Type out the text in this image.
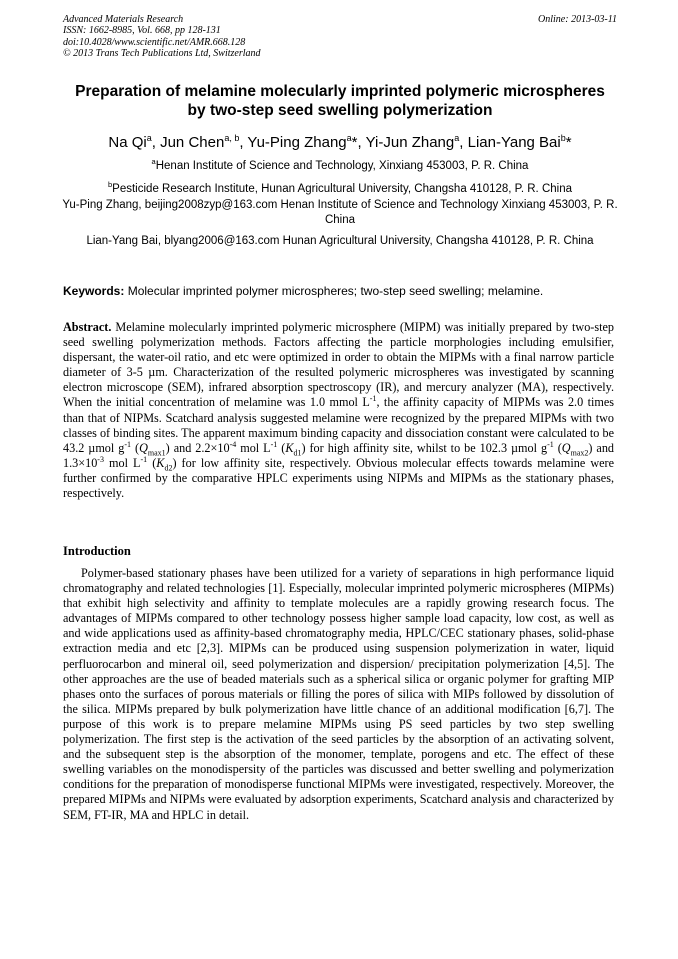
Advanced Materials Research
ISSN: 1662-8985, Vol. 668, pp 128-131
doi:10.4028/www.scientific.net/AMR.668.128
© 2013 Trans Tech Publications Ltd, Switzerland
Online: 2013-03-11
Preparation of melamine molecularly imprinted polymeric microspheres
by two-step seed swelling polymerization
Na Qi$^a$, Jun Chen$^{a, b}$, Yu-Ping Zhang$^a$*, Yi-Jun Zhang$^a$, Lian-Yang Bai$^b$*
$^a$Henan Institute of Science and Technology, Xinxiang 453003, P. R. China
$^b$Pesticide Research Institute, Hunan Agricultural University, Changsha 410128, P. R. China
Yu-Ping Zhang, beijing2008zyp@163.com Henan Institute of Science and Technology Xinxiang 453003, P. R. China
Lian-Yang Bai, blyang2006@163.com Hunan Agricultural University, Changsha 410128, P. R. China
Keywords: Molecular imprinted polymer microspheres; two-step seed swelling; melamine.
Abstract. Melamine molecularly imprinted polymeric microsphere (MIPM) was initially prepared by two-step seed swelling polymerization methods. Factors affecting the particle morphologies including emulsifier, dispersant, the water-oil ratio, and etc were optimized in order to obtain the MIPMs with a final narrow particle diameter of 3-5 µm. Characterization of the resulted polymeric microspheres was investigated by scanning electron microscope (SEM), infrared absorption spectroscopy (IR), and mercury analyzer (MA), respectively. When the initial concentration of melamine was 1.0 mmol $L^{-1}$, the affinity capacity of MIPMs was 2.0 times than that of NIPMs. Scatchard analysis suggested melamine were recognized by the prepared MIPMs with two classes of binding sites. The apparent maximum binding capacity and dissociation constant were calculated to be 43.2 µmol $g^{-1}$ $(Q_{max1})$ and $2.2\times 10^{-4}$ mol $L^{-1}$ $(K_{d1})$ for high affinity site, whilst to be 102.3 µmol $g^{-1}$ $(Q_{max2})$ and $1.3\times 10^{-3}$ mol $L^{-1}$ $(K_{d2})$ for low affinity site, respectively. Obvious molecular effects towards melamine were further confirmed by the comparative HPLC experiments using NIPMs and MIPMs as the stationary phases, respectively.
Introduction
Polymer-based stationary phases have been utilized for a variety of separations in high performance liquid chromatography and related technologies [1]. Especially, molecular imprinted polymeric microspheres (MIPMs) that exhibit high selectivity and affinity to template molecules are a rapidly growing research focus. The advantages of MIPMs compared to other technology possess higher sample load capacity, low cost, as well as and wide applications used as affinity-based chromatography media, HPLC/CEC stationary phases, solid-phase extraction media and etc [2,3]. MIPMs can be produced using suspension polymerization in water, liquid perfluorocarbon and mineral oil, seed polymerization and dispersion/ precipitation polymerization [4,5]. The other approaches are the use of beaded materials such as a spherical silica or organic polymer for grafting MIP phases onto the surfaces of porous materials or filling the pores of silica with MIPs followed by dissolution of the silica. MIPMs prepared by bulk polymerization have little chance of an additional modification [6,7]. The purpose of this work is to prepare melamine MIPMs using PS seed particles by two step swelling polymerization. The first step is the activation of the seed particles by the absorption of an activating solvent, and the subsequent step is the absorption of the monomer, template, porogens and etc. The effect of these swelling variables on the monodispersity of the particles was discussed and better swelling and polymerization conditions for the preparation of monodisperse functional MIPMs were investigated, respectively. Moreover, the prepared MIPMs and NIPMs were evaluated by adsorption experiments, Scatchard analysis and characterized by SEM, FT-IR, MA and HPLC in detail.
